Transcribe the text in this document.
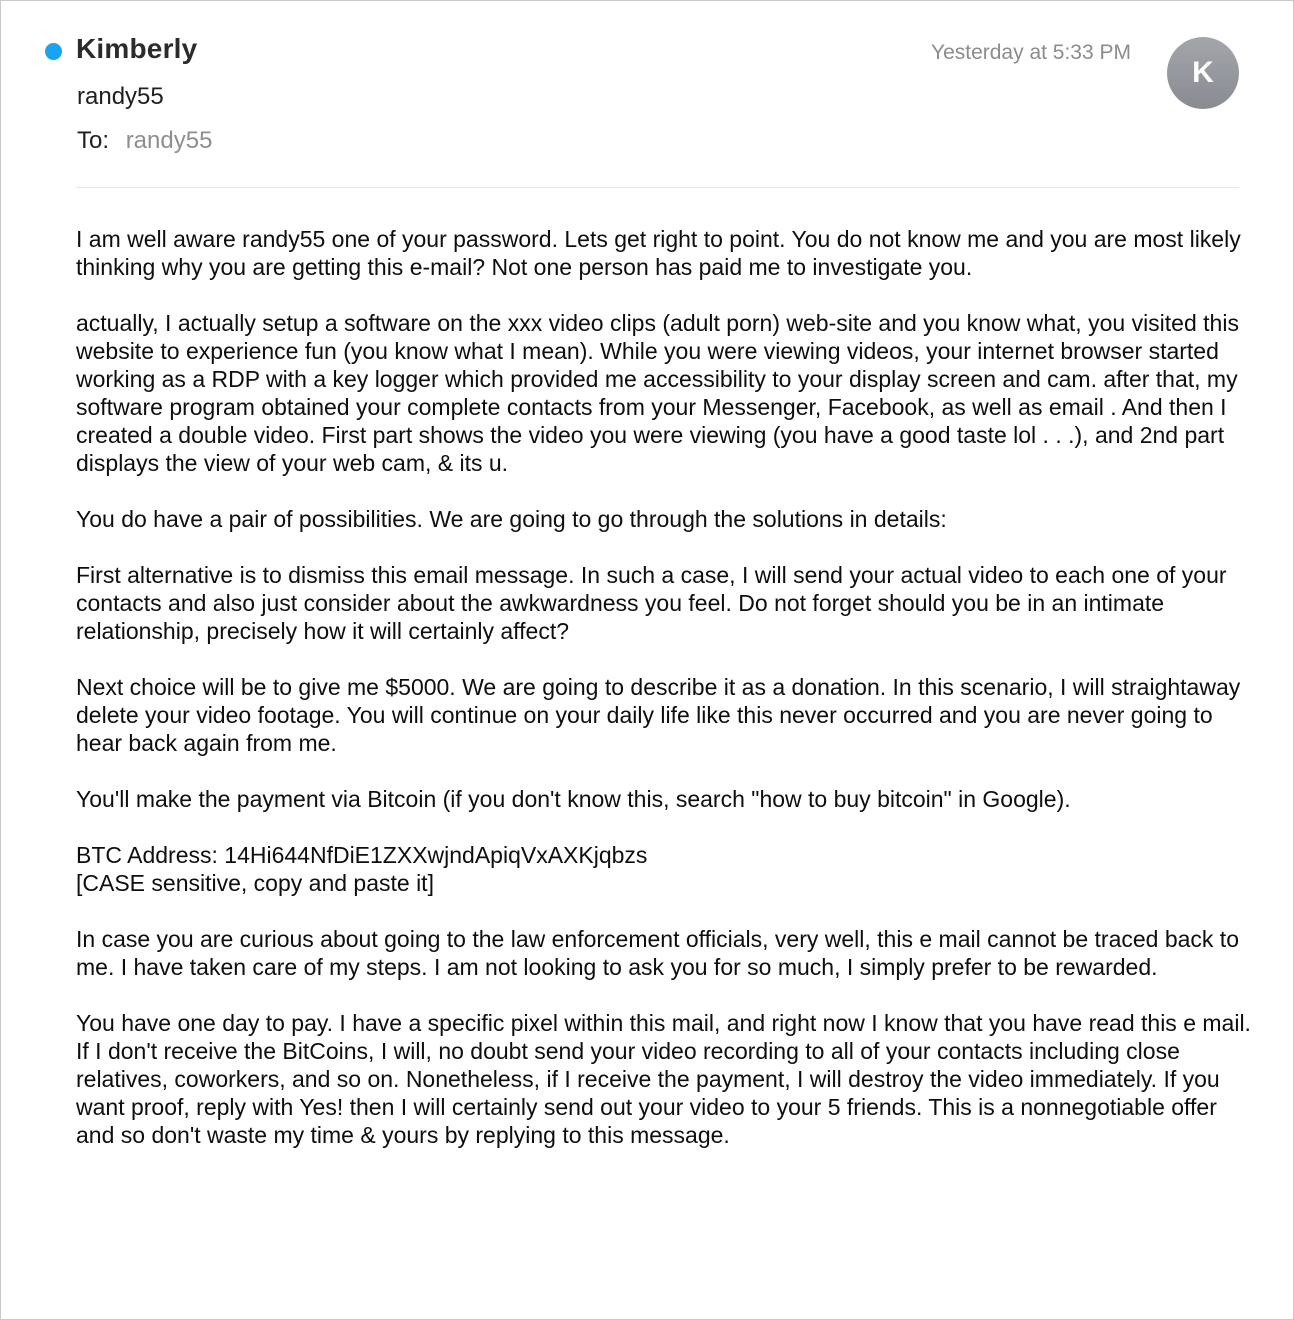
Kimberly
randy55
To: randy55
Yesterday at 5:33 PM
K

I am well aware randy55 one of your password. Lets get right to point. You do not know me and you are most likely thinking why you are getting this e-mail? Not one person has paid me to investigate you.

actually, I actually setup a software on the xxx video clips (adult porn) web-site and you know what, you visited this website to experience fun (you know what I mean). While you were viewing videos, your internet browser started working as a RDP with a key logger which provided me accessibility to your display screen and cam. after that, my software program obtained your complete contacts from your Messenger, Facebook, as well as email . And then I created a double video. First part shows the video you were viewing (you have a good taste lol . . .), and 2nd part displays the view of your web cam, & its u.

You do have a pair of possibilities. We are going to go through the solutions in details:

First alternative is to dismiss this email message. In such a case, I will send your actual video to each one of your contacts and also just consider about the awkwardness you feel. Do not forget should you be in an intimate relationship, precisely how it will certainly affect?

Next choice will be to give me $5000. We are going to describe it as a donation. In this scenario, I will straightaway delete your video footage. You will continue on your daily life like this never occurred and you are never going to hear back again from me.

You'll make the payment via Bitcoin (if you don't know this, search "how to buy bitcoin" in Google).

BTC Address: 14Hi644NfDiE1ZXXwjndApiqVxAXKjqbzs
[CASE sensitive, copy and paste it]

In case you are curious about going to the law enforcement officials, very well, this e mail cannot be traced back to me. I have taken care of my steps. I am not looking to ask you for so much, I simply prefer to be rewarded.

You have one day to pay. I have a specific pixel within this mail, and right now I know that you have read this e mail. If I don't receive the BitCoins, I will, no doubt send your video recording to all of your contacts including close relatives, coworkers, and so on. Nonetheless, if I receive the payment, I will destroy the video immediately. If you want proof, reply with Yes! then I will certainly send out your video to your 5 friends. This is a nonnegotiable offer and so don't waste my time & yours by replying to this message.
